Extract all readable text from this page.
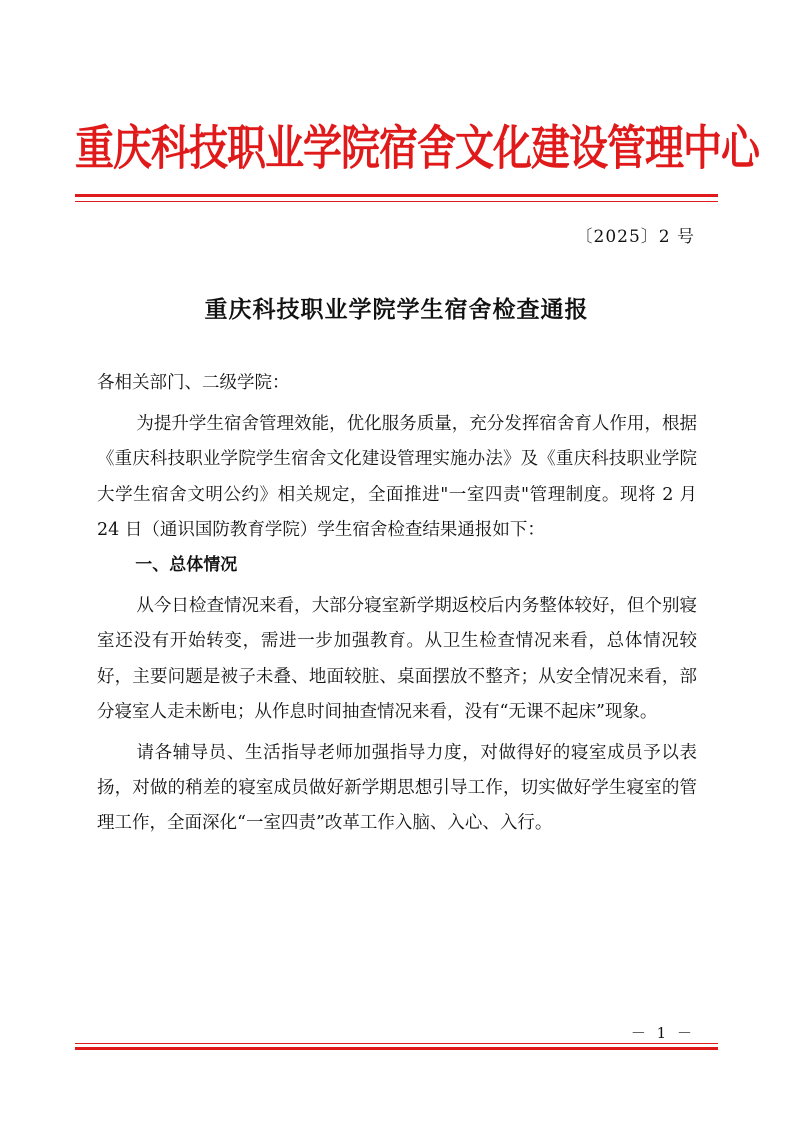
重庆科技职业学院宿舍文化建设管理中心
〔2025〕2 号
重庆科技职业学院学生宿舍检查通报

各相关部门、二级学院：

为提升学生宿舍管理效能，优化服务质量，充分发挥宿舍育人作用，根据《重庆科技职业学院学生宿舍文化建设管理实施办法》及《重庆科技职业学院大学生宿舍文明公约》相关规定，全面推进"一室四责"管理制度。现将 2 月 24 日（通识国防教育学院）学生宿舍检查结果通报如下：

一、总体情况

从今日检查情况来看，大部分寝室新学期返校后内务整体较好，但个别寝室还没有开始转变，需进一步加强教育。从卫生检查情况来看，总体情况较好，主要问题是被子未叠、地面较脏、桌面摆放不整齐；从安全情况来看，部分寝室人走未断电；从作息时间抽查情况来看，没有“无课不起床”现象。

请各辅导员、生活指导老师加强指导力度，对做得好的寝室成员予以表扬，对做的稍差的寝室成员做好新学期思想引导工作，切实做好学生寝室的管理工作，全面深化“一室四责”改革工作入脑、入心、入行。

－ 1 －
